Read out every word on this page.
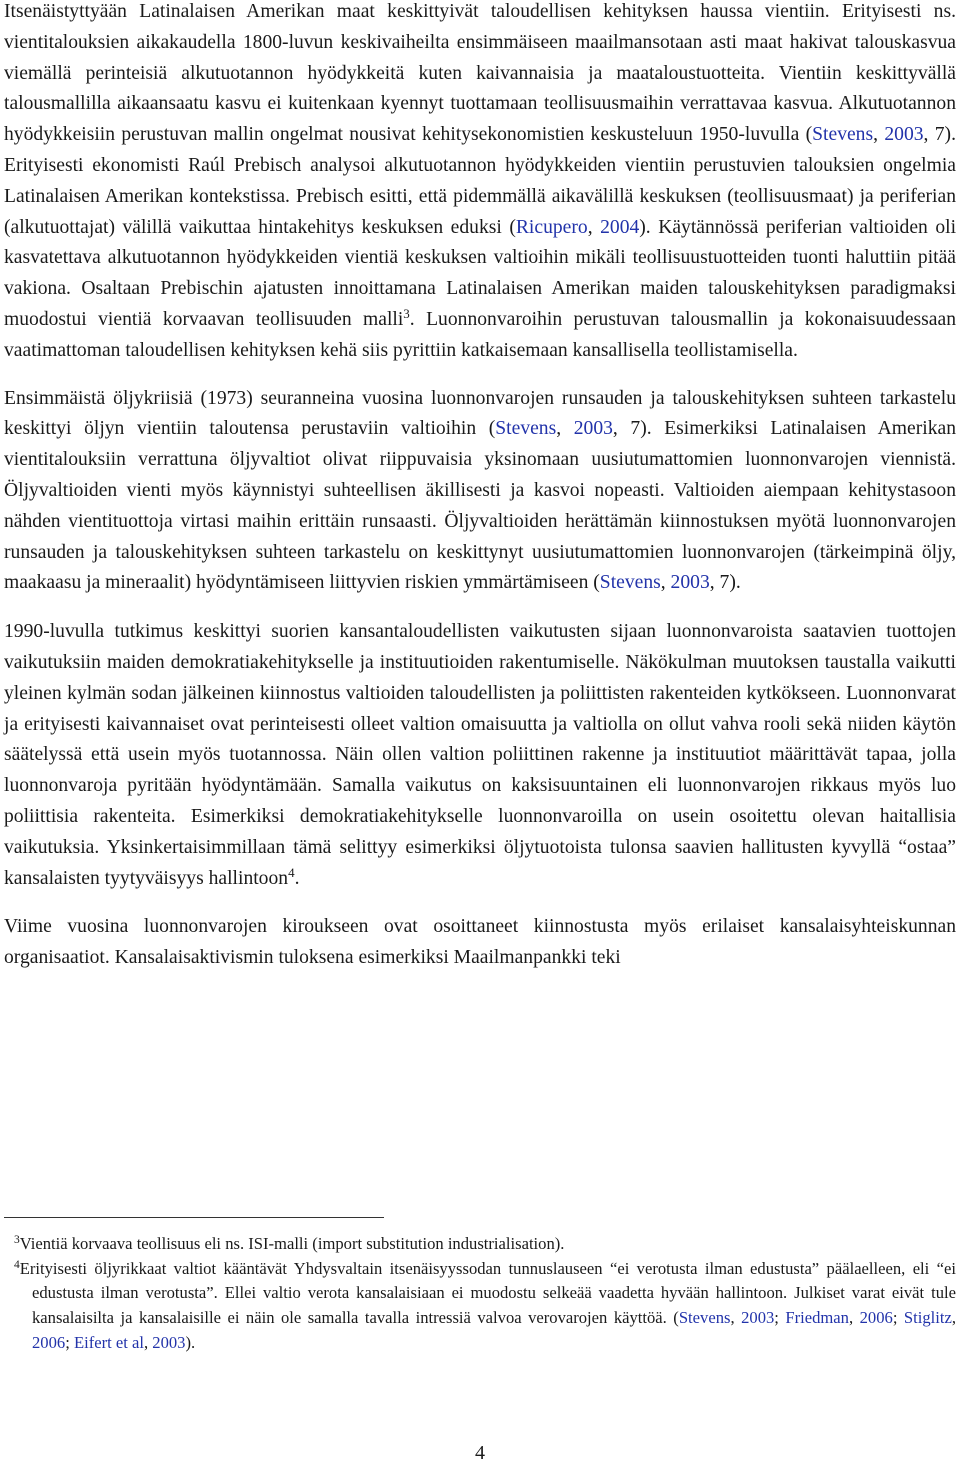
Itsenäistyttyään Latinalaisen Amerikan maat keskittyivät taloudellisen kehityksen haussa vientiin. Erityisesti ns. vientitalouksien aikakaudella 1800-luvun keskivaiheilta ensimmäiseen maailmansotaan asti maat hakivat talouskasvua viemällä perinteisiä alkutuotannon hyödykkeitä kuten kaivannaisia ja maataloustuotteita. Vientiin keskittyvällä talousmallilla aikaansaatu kasvu ei kuitenkaan kyennyt tuottamaan teollisuusmaihin verrattavaa kasvua. Alkutuotannon hyödykkeisiin perustuvan mallin ongelmat nousivat kehitysekonomistien keskusteluun 1950-luvulla (Stevens, 2003, 7). Erityisesti ekonomisti Raúl Prebisch analysoi alkutuotannon hyödykkeiden vientiin perustuvien talouksien ongelmia Latinalaisen Amerikan kontekstissa. Prebisch esitti, että pidemmällä aikavälillä keskuksen (teollisuusmaat) ja periferian (alkutuottajat) välillä vaikuttaa hintakehitys keskuksen eduksi (Ricupero, 2004). Käytännössä periferian valtioiden oli kasvatettava alkutuotannon hyödykkeiden vientiä keskuksen valtioihin mikäli teollisuustuotteiden tuonti haluttiin pitää vakiona. Osaltaan Prebischin ajatusten innoittamana Latinalaisen Amerikan maiden talouskehityksen paradigmaksi muodostui vientiä korvaavan teollisuuden malli$^3$. Luonnonvaroihin perustuvan talousmallin ja kokonaisuudessaan vaatimattoman taloudellisen kehityksen kehä siis pyrittiin katkaisemaan kansallisella teollistamisella.

Ensimmäistä öljykriisiä (1973) seuranneina vuosina luonnonvarojen runsauden ja talouskehityksen suhteen tarkastelu keskittyi öljyn vientiin taloutensa perustaviin valtioihin (Stevens, 2003, 7). Esimerkiksi Latinalaisen Amerikan vientitalouksiin verrattuna öljyvaltiot olivat riippuvaisia yksinomaan uusiutumattomien luonnonvarojen viennistä. Öljyvaltioiden vienti myös käynnistyi suhteellisen äkillisesti ja kasvoi nopeasti. Valtioiden aiempaan kehitystasoon nähden vientituottoja virtasi maihin erittäin runsaasti. Öljyvaltioiden herättämän kiinnostuksen myötä luonnonvarojen runsauden ja talouskehityksen suhteen tarkastelu on keskittynyt uusiutumattomien luonnonvarojen (tärkeimpinä öljy, maakaasu ja mineraalit) hyödyntämiseen liittyvien riskien ymmärtämiseen (Stevens, 2003, 7).

1990-luvulla tutkimus keskittyi suorien kansantaloudellisten vaikutusten sijaan luonnonvaroista saatavien tuottojen vaikutuksiin maiden demokratiakehitykselle ja instituutioiden rakentumiselle. Näkökulman muutoksen taustalla vaikutti yleinen kylmän sodan jälkeinen kiinnostus valtioiden taloudellisten ja poliittisten rakenteiden kytkökseen. Luonnonvarat ja erityisesti kaivannaiset ovat perinteisesti olleet valtion omaisuutta ja valtiolla on ollut vahva rooli sekä niiden käytön säätelyssä että usein myös tuotannossa. Näin ollen valtion poliittinen rakenne ja instituutiot määrittävät tapaa, jolla luonnonvaroja pyritään hyödyntämään. Samalla vaikutus on kaksisuuntainen eli luonnonvarojen rikkaus myös luo poliittisia rakenteita. Esimerkiksi demokratiakehitykselle luonnonvaroilla on usein osoitettu olevan haitallisia vaikutuksia. Yksinkertaisimmillaan tämä selittyy esimerkiksi öljytuotoista tulonsa saavien hallitusten kyvyllä “ostaa” kansalaisten tyytyväisyys hallintoon$^4$.

Viime vuosina luonnonvarojen kiroukseen ovat osoittaneet kiinnostusta myös erilaiset kansalaisyhteiskunnan organisaatiot. Kansalaisaktivismin tuloksena esimerkiksi Maailmanpankki teki

$^3$Vientiä korvaava teollisuus eli ns. ISI-malli (import substitution industrialisation).

$^4$Erityisesti öljyrikkaat valtiot kääntävät Yhdysvaltain itsenäisyyssodan tunnuslauseen “ei verotusta ilman edustusta” päälaelleen, eli “ei edustusta ilman verotusta”. Ellei valtio verota kansalaisiaan ei muodostu selkeää vaadetta hyvään hallintoon. Julkiset varat eivät tule kansalaisilta ja kansalaisille ei näin ole samalla tavalla intressiä valvoa verovarojen käyttöä. (Stevens, 2003; Friedman, 2006; Stiglitz, 2006; Eifert et al, 2003).

4
